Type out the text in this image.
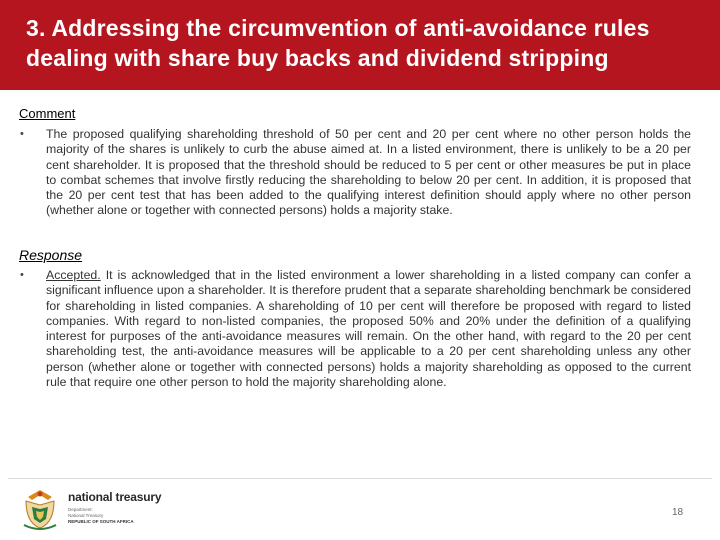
3. Addressing the circumvention of anti-avoidance rules
dealing with share buy backs and dividend stripping
Comment
• The proposed qualifying shareholding threshold of 50 per cent and 20 per cent where no other person holds the majority of the shares is unlikely to curb the abuse aimed at. In a listed environment, there is unlikely to be a 20 per cent shareholder. It is proposed that the threshold should be reduced to 5 per cent or other measures be put in place to combat schemes that involve firstly reducing the shareholding to below 20 per cent. In addition, it is proposed that the 20 per cent test that has been added to the qualifying interest definition should apply where no other person (whether alone or together with connected persons) holds a majority stake.
Response
• Accepted. It is acknowledged that in the listed environment a lower shareholding in a listed company can confer a significant influence upon a shareholder. It is therefore prudent that a separate shareholding benchmark be considered for shareholding in listed companies. A shareholding of 10 per cent will therefore be proposed with regard to listed companies. With regard to non-listed companies, the proposed 50% and 20% under the definition of a qualifying interest for purposes of the anti-avoidance measures will remain. On the other hand, with regard to the 20 per cent shareholding test, the anti-avoidance measures will be applicable to a 20 per cent shareholding unless any other person (whether alone or together with connected persons) holds a majority shareholding as opposed to the current rule that require one other person to hold the majority shareholding alone.
national treasury
Department:
National Treasury
REPUBLIC OF SOUTH AFRICA
18
